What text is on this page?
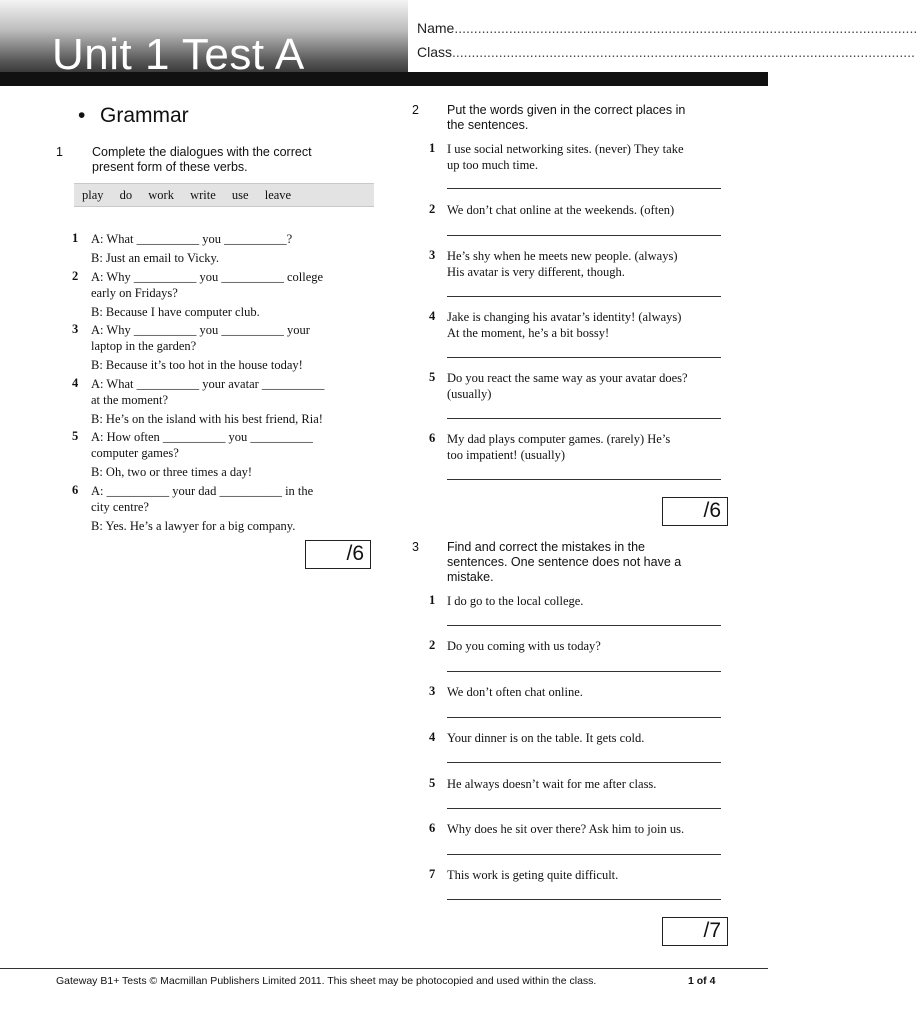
Unit 1 Test A
Name.......................................................................................................................
Class.......................................................................................................................
• Grammar
1 Complete the dialogues with the correct
present form of these verbs.
play do work write use leave
1 A: What __________ you __________?
B: Just an email to Vicky.
2 A: Why __________ you __________ college
early on Fridays?
B: Because I have computer club.
3 A: Why __________ you __________ your
laptop in the garden?
B: Because it’s too hot in the house today!
4 A: What __________ your avatar __________
at the moment?
B: He’s on the island with his best friend, Ria!
5 A: How often __________ you __________
computer games?
B: Oh, two or three times a day!
6 A: __________ your dad __________ in the
city centre?
B: Yes. He’s a lawyer for a big company.
/6
2 Put the words given in the correct places in
the sentences.
1 I use social networking sites. (never) They take
up too much time.
2 We don’t chat online at the weekends. (often)
3 He’s shy when he meets new people. (always)
His avatar is very different, though.
4 Jake is changing his avatar’s identity! (always)
At the moment, he’s a bit bossy!
5 Do you react the same way as your avatar does?
(usually)
6 My dad plays computer games. (rarely) He’s
too impatient! (usually)
/6
3 Find and correct the mistakes in the
sentences. One sentence does not have a
mistake.
1 I do go to the local college.
2 Do you coming with us today?
3 We don’t often chat online.
4 Your dinner is on the table. It gets cold.
5 He always doesn’t wait for me after class.
6 Why does he sit over there? Ask him to join us.
7 This work is geting quite difficult.
/7
Gateway B1+ Tests © Macmillan Publishers Limited 2011. This sheet may be photocopied and used within the class.	1 of 4
